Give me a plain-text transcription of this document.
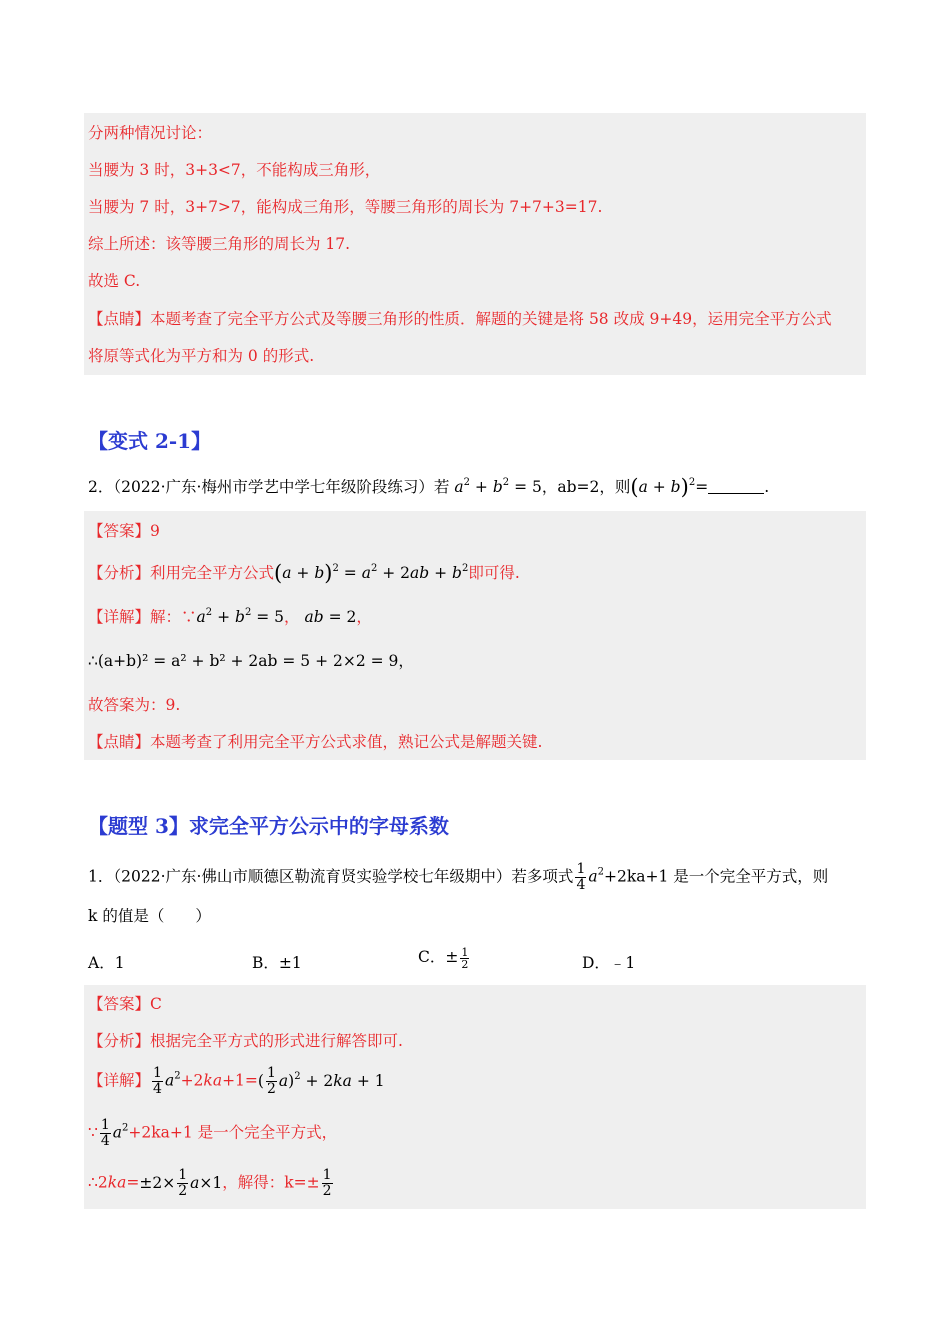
分两种情况讨论：
当腰为 3 时，3+3<7，不能构成三角形，
当腰为 7 时，3+7>7，能构成三角形，等腰三角形的周长为 7+7+3=17.
综上所述：该等腰三角形的周长为 17.
故选 C.
【点睛】本题考查了完全平方公式及等腰三角形的性质．解题的关键是将 58 改成 9+49，运用完全平方公式
将原等式化为平方和为 0 的形式.
【变式 2-1】
2．（2022·广东·梅州市学艺中学七年级阶段练习）若 $a^2 + b^2 = 5$，ab=2，则$(a + b)^2=$	.
【答案】9
【分析】利用完全平方公式$(a + b)^2 = a^2 + 2ab + b^2$即可得.
【详解】解：$\because a^2 + b^2 = 5$， ab = 2，
∴(a+b)² = a² + b² + 2ab = 5 + 2×2 = 9，
故答案为：9.
【点睛】本题考查了利用完全平方公式求值，熟记公式是解题关键.
【题型 3】求完全平方公示中的字母系数
1．（2022·广东·佛山市顺德区勒流育贤实验学校七年级期中）若多项式 $\frac{1}{4} a^2+2ka+1$ 是一个完全平方式，则
k 的值是（　　）
A．1	B．±1	C．± $\frac{1}{2}$	D．﹣1
【答案】C
【分析】根据完全平方式的形式进行解答即可.
【详解】 $\frac{1}{4} a^2+2ka+1=( \frac{1}{2} a)^2 + 2ka + 1$
∵ $\frac{1}{4} a^2+2ka+1$ 是一个完全平方式，
∴2ka=±2× $\frac{1}{2} a\times 1$，解得：$k=\pm \frac{1}{2}$
